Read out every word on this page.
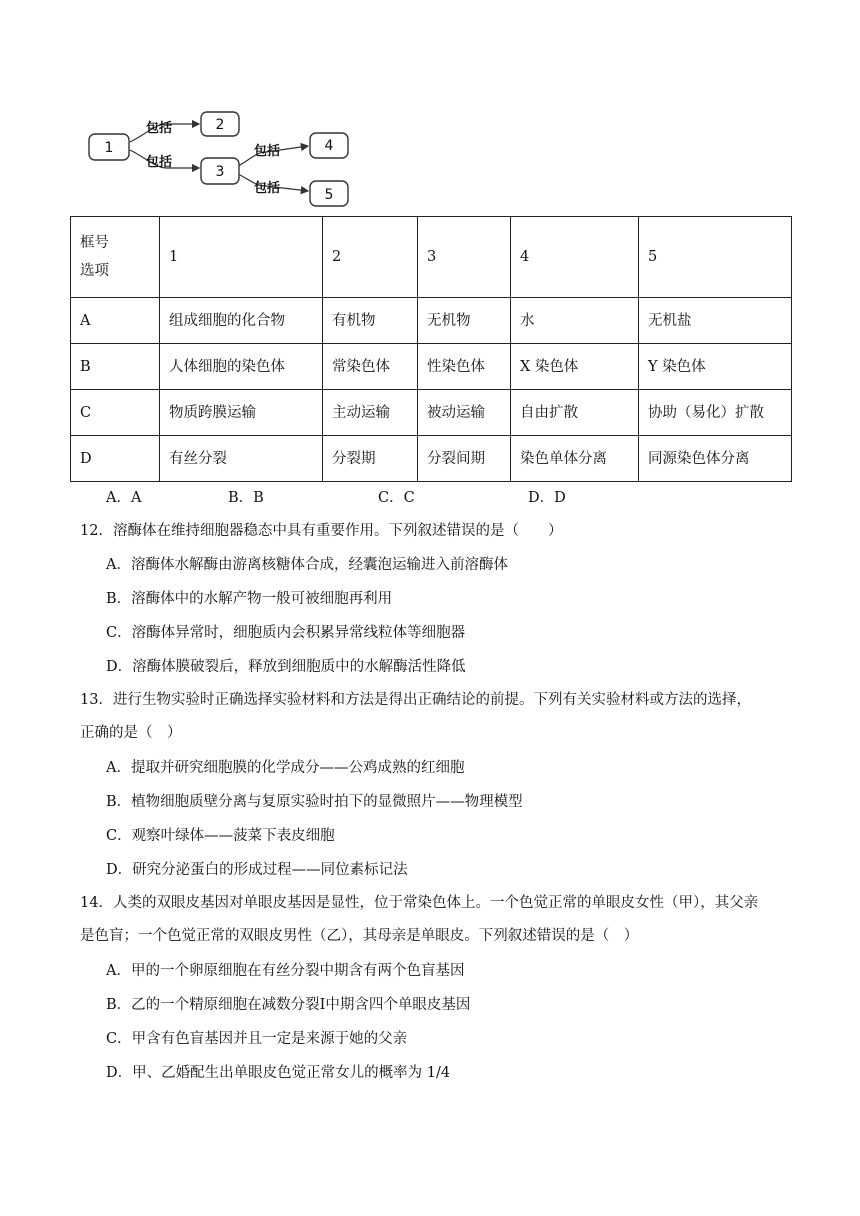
包括
包括
包括
包括
1
2
3
4
5
框号
选项	1	2	3	4	5
A	组成细胞的化合物	有机物	无机物	水	无机盐
B	人体细胞的染色体	常染色体	性染色体	X 染色体	Y 染色体
C	物质跨膜运输	主动运输	被动运输	自由扩散	协助（易化）扩散
D	有丝分裂	分裂期	分裂间期	染色单体分离	同源染色体分离
A．A	B．B	C．C	D．D
12．溶酶体在维持细胞器稳态中具有重要作用。下列叙述错误的是（　　）
A．溶酶体水解酶由游离核糖体合成，经囊泡运输进入前溶酶体
B．溶酶体中的水解产物一般可被细胞再利用
C．溶酶体异常时，细胞质内会积累异常线粒体等细胞器
D．溶酶体膜破裂后，释放到细胞质中的水解酶活性降低
13．进行生物实验时正确选择实验材料和方法是得出正确结论的前提。下列有关实验材料或方法的选择，
正确的是（　）
A．提取并研究细胞膜的化学成分——公鸡成熟的红细胞
B．植物细胞质壁分离与复原实验时拍下的显微照片——物理模型
C．观察叶绿体——菠菜下表皮细胞
D．研究分泌蛋白的形成过程——同位素标记法
14．人类的双眼皮基因对单眼皮基因是显性，位于常染色体上。一个色觉正常的单眼皮女性（甲），其父亲
是色盲；一个色觉正常的双眼皮男性（乙），其母亲是单眼皮。下列叙述错误的是（　）
A．甲的一个卵原细胞在有丝分裂中期含有两个色盲基因
B．乙的一个精原细胞在减数分裂Ⅰ中期含四个单眼皮基因
C．甲含有色盲基因并且一定是来源于她的父亲
D．甲、乙婚配生出单眼皮色觉正常女儿的概率为 1/4
